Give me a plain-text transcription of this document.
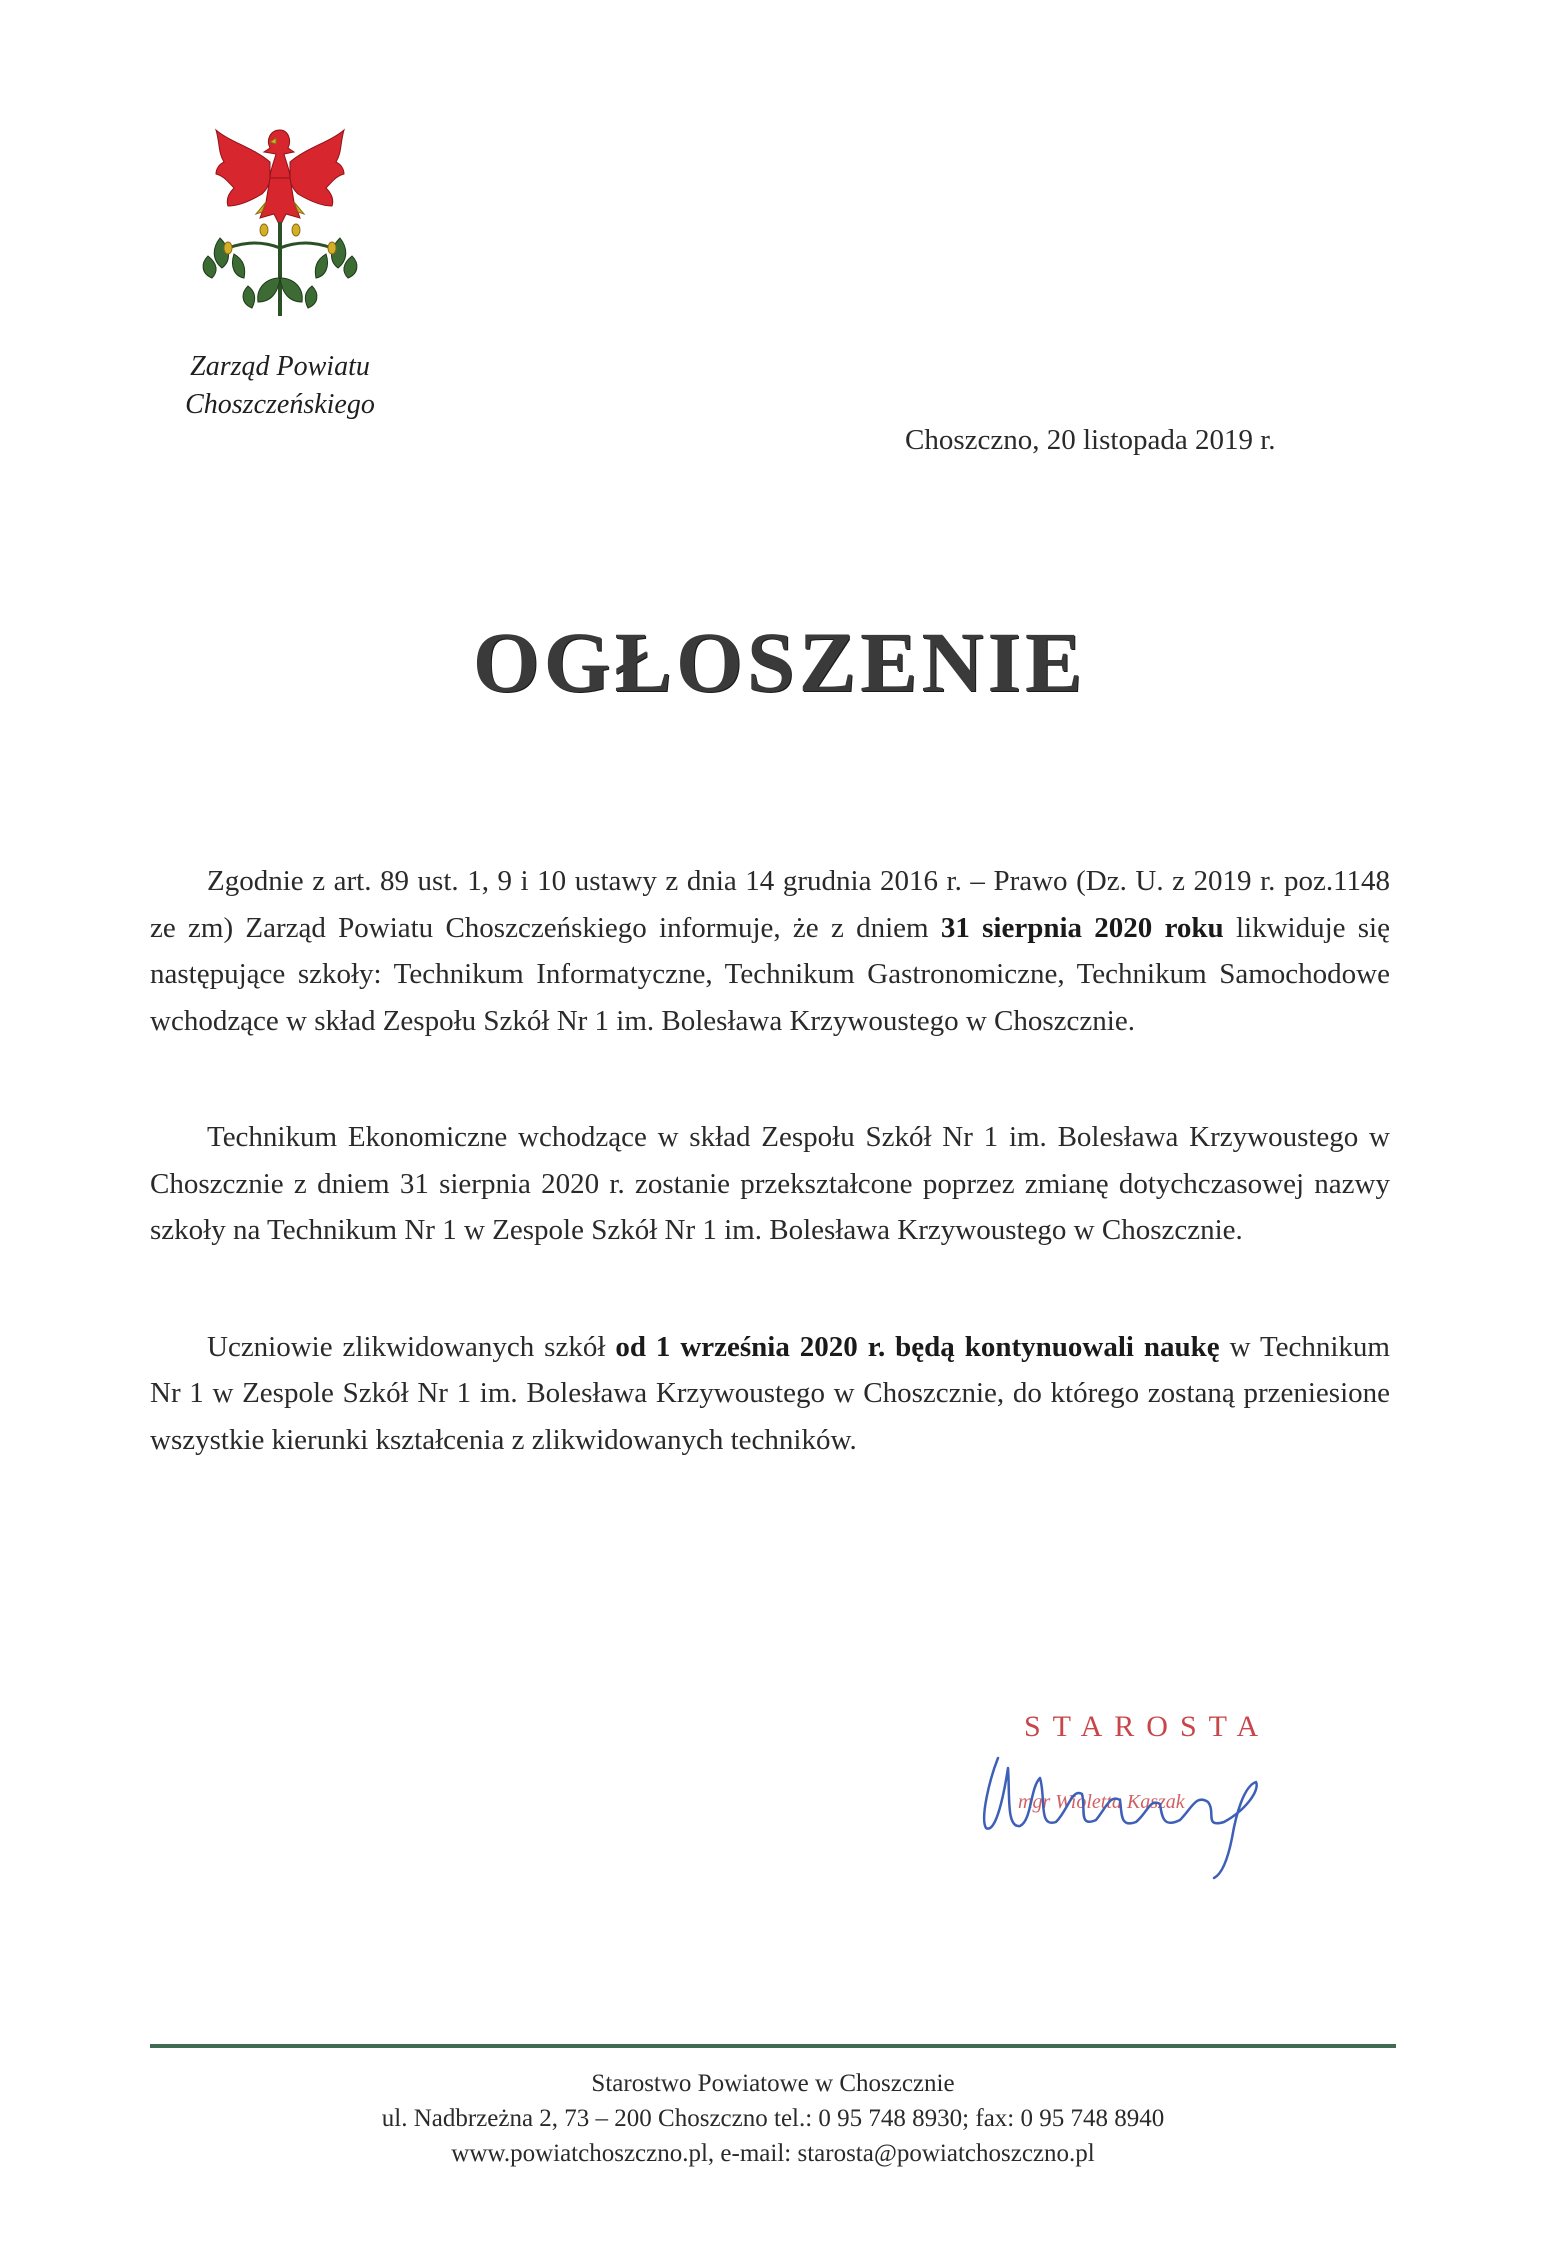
Zarząd Powiatu
Choszczeńskiego
Choszczno, 20 listopada 2019 r.
OGŁOSZENIE

Zgodnie z art. 89 ust. 1, 9 i 10 ustawy z dnia 14 grudnia 2016 r. – Prawo (Dz. U. z 2019 r. poz.1148 ze zm) Zarząd Powiatu Choszczeńskiego informuje, że z dniem 31 sierpnia 2020 roku likwiduje się następujące szkoły: Technikum Informatyczne, Technikum Gastronomiczne, Technikum Samochodowe wchodzące w skład Zespołu Szkół Nr 1 im. Bolesława Krzywoustego w Choszcznie.

Technikum Ekonomiczne wchodzące w skład Zespołu Szkół Nr 1 im. Bolesława Krzywoustego w Choszcznie z dniem 31 sierpnia 2020 r. zostanie przekształcone poprzez zmianę dotychczasowej nazwy szkoły na Technikum Nr 1 w Zespole Szkół Nr 1 im. Bolesława Krzywoustego w Choszcznie.

Uczniowie zlikwidowanych szkół od 1 września 2020 r. będą kontynuowali naukę w Technikum Nr 1 w Zespole Szkół Nr 1 im. Bolesława Krzywoustego w Choszcznie, do którego zostaną przeniesione wszystkie kierunki kształcenia z zlikwidowanych techników.

STAROSTA
mgr Wioletta Kaszak
Starostwo Powiatowe w Choszcznie
ul. Nadbrzeżna 2, 73 – 200 Choszczno tel.: 0 95 748 8930; fax: 0 95 748 8940
www.powiatchoszczno.pl, e-mail: starosta@powiatchoszczno.pl
